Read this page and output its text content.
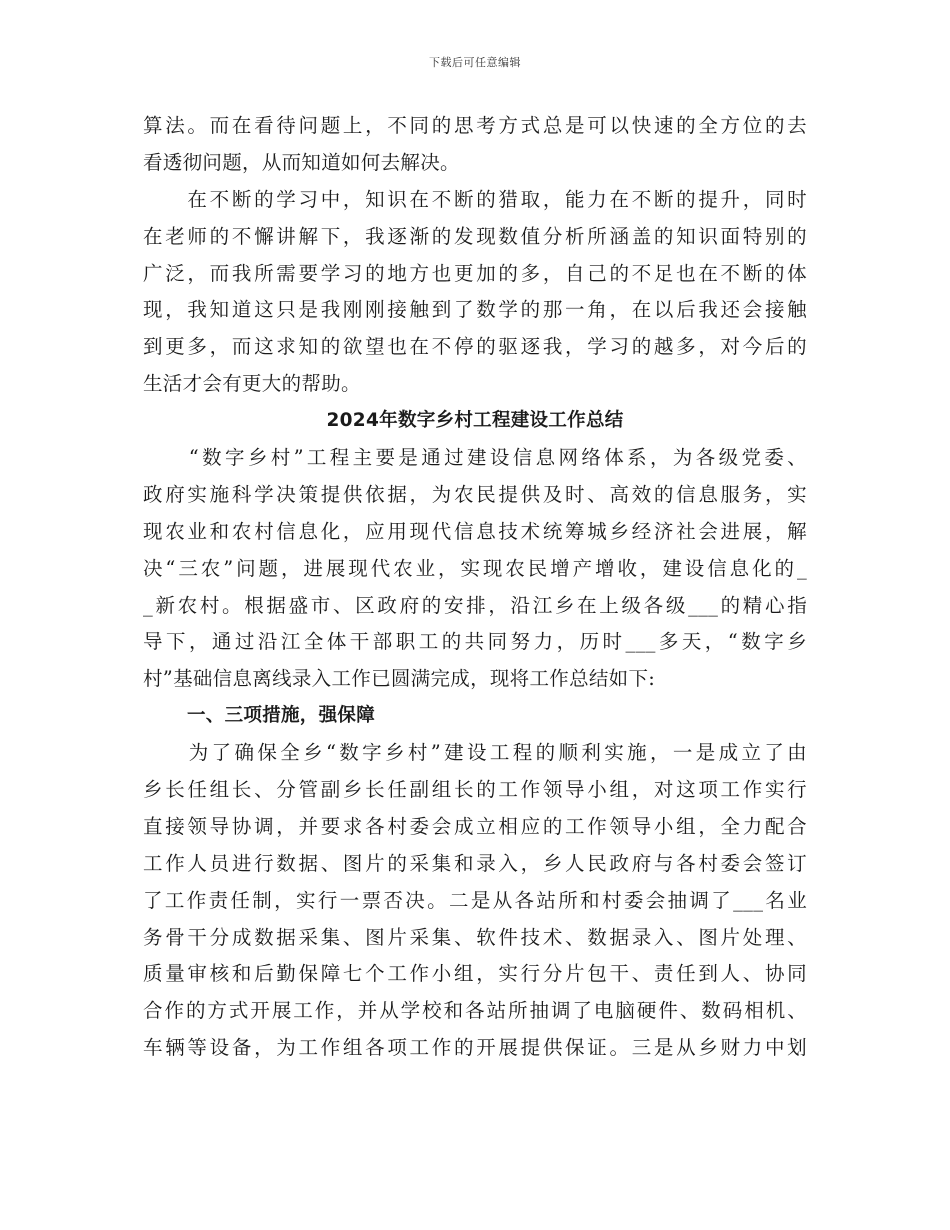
下载后可任意编辑
算法。而在看待问题上，不同的思考方式总是可以快速的全方位的去
看透彻问题，从而知道如何去解决。
　　在不断的学习中，知识在不断的猎取，能力在不断的提升，同时
在老师的不懈讲解下，我逐渐的发现数值分析所涵盖的知识面特别的
广泛，而我所需要学习的地方也更加的多，自己的不足也在不断的体
现，我知道这只是我刚刚接触到了数学的那一角，在以后我还会接触
到更多，而这求知的欲望也在不停的驱逐我，学习的越多，对今后的
生活才会有更大的帮助。
2024年数字乡村工程建设工作总结
　　“数字乡村”工程主要是通过建设信息网络体系，为各级党委、
政府实施科学决策提供依据，为农民提供及时、高效的信息服务，实
现农业和农村信息化，应用现代信息技术统筹城乡经济社会进展，解
决“三农”问题，进展现代农业，实现农民增产增收，建设信息化的_
_新农村。根据盛市、区政府的安排，沿江乡在上级各级___的精心指
导下，通过沿江全体干部职工的共同努力，历时___多天，“数字乡
村”基础信息离线录入工作已圆满完成，现将工作总结如下:
一、三项措施，强保障
　　为了确保全乡“数字乡村”建设工程的顺利实施，一是成立了由
乡长任组长、分管副乡长任副组长的工作领导小组，对这项工作实行
直接领导协调，并要求各村委会成立相应的工作领导小组，全力配合
工作人员进行数据、图片的采集和录入，乡人民政府与各村委会签订
了工作责任制，实行一票否决。二是从各站所和村委会抽调了___名业
务骨干分成数据采集、图片采集、软件技术、数据录入、图片处理、
质量审核和后勤保障七个工作小组，实行分片包干、责任到人、协同
合作的方式开展工作，并从学校和各站所抽调了电脑硬件、数码相机、
车辆等设备，为工作组各项工作的开展提供保证。三是从乡财力中划
